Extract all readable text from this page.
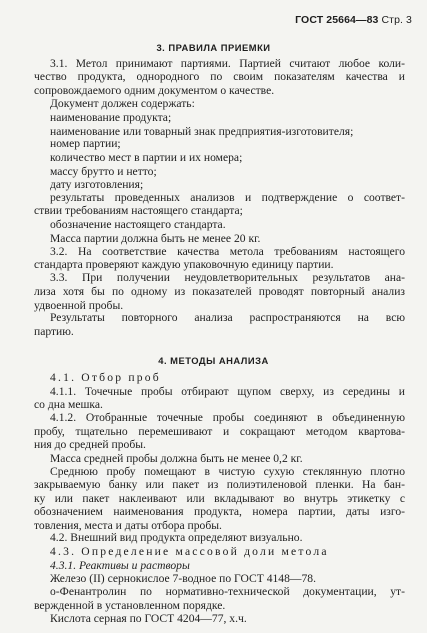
ГОСТ 25664—83 Стр. 3
3. ПРАВИЛА ПРИЕМКИ
3.1. Метол принимают партиями. Партией считают любое коли-
чество продукта, однородного по своим показателям качества и
сопровождаемого одним документом о качестве.
Документ должен содержать:
наименование продукта;
наименование или товарный знак предприятия-изготовителя;
номер партии;
количество мест в партии и их номера;
массу брутто и нетто;
дату изготовления;
результаты проведенных анализов и подтверждение о соответ-
ствии требованиям настоящего стандарта;
обозначение настоящего стандарта.
Масса партии должна быть не менее 20 кг.
3.2. На соответствие качества метола требованиям настоящего
стандарта проверяют каждую упаковочную единицу партии.
3.3. При получении неудовлетворительных результатов ана-
лиза хотя бы по одному из показателей проводят повторный анализ
удвоенной пробы.
Результаты повторного анализа распространяются на всю
партию.
4. МЕТОДЫ АНАЛИЗА
4.1. Отбор проб
4.1.1. Точечные пробы отбирают щупом сверху, из середины и
со дна мешка.
4.1.2. Отобранные точечные пробы соединяют в объединенную
пробу, тщательно перемешивают и сокращают методом квартова-
ния до средней пробы.
Масса средней пробы должна быть не менее 0,2 кг.
Среднюю пробу помещают в чистую сухую стеклянную плотно
закрываемую банку или пакет из полиэтиленовой пленки. На бан-
ку или пакет наклеивают или вкладывают во внутрь этикетку с
обозначением наименования продукта, номера партии, даты изго-
товления, места и даты отбора пробы.
4.2. Внешний вид продукта определяют визуально.
4.3. Определение массовой доли метола
4.3.1. Реактивы и растворы
Железо (II) сернокислое 7-водное по ГОСТ 4148—78.
о-Фенантролин по нормативно-технической документации, ут-
вержденной в установленном порядке.
Кислота серная по ГОСТ 4204—77, х.ч.
